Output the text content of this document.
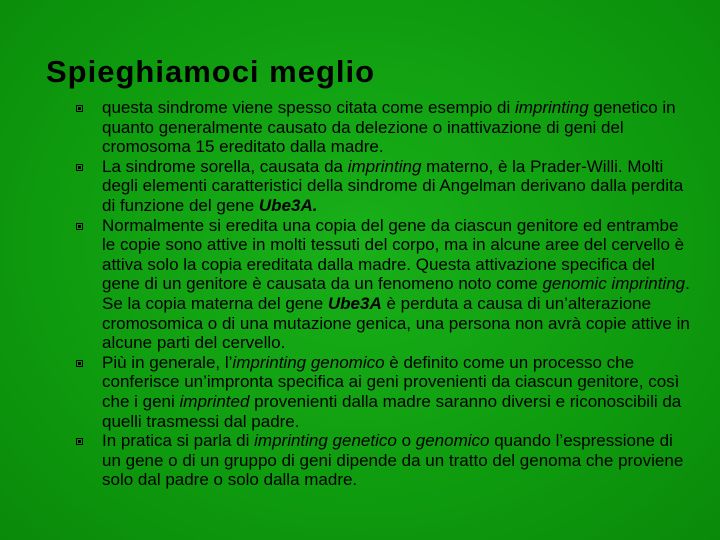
Spieghiamoci meglio
questa sindrome viene spesso citata come esempio di imprinting genetico in quanto generalmente causato da delezione o inattivazione di geni del cromosoma 15 ereditato dalla madre.
La sindrome sorella, causata da imprinting materno, è la Prader-Willi. Molti degli elementi caratteristici della sindrome di Angelman derivano dalla perdita di funzione del gene Ube3A.
Normalmente si eredita una copia del gene da ciascun genitore ed entrambe le copie sono attive in molti tessuti del corpo, ma in alcune aree del cervello è attiva solo la copia ereditata dalla madre. Questa attivazione specifica del gene di un genitore è causata da un fenomeno noto come genomic imprinting. Se la copia materna del gene Ube3A è perduta a causa di un’alterazione cromosomica o di una mutazione genica, una persona non avrà copie attive in alcune parti del cervello.
Più in generale, l’imprinting genomico è definito come un processo che conferisce un’impronta specifica ai geni provenienti da ciascun genitore, così che i geni imprinted provenienti dalla madre saranno diversi e riconoscibili da quelli trasmessi dal padre.
In pratica si parla di imprinting genetico o genomico quando l’espressione di un gene o di un gruppo di geni dipende da un tratto del genoma che proviene solo dal padre o solo dalla madre.
